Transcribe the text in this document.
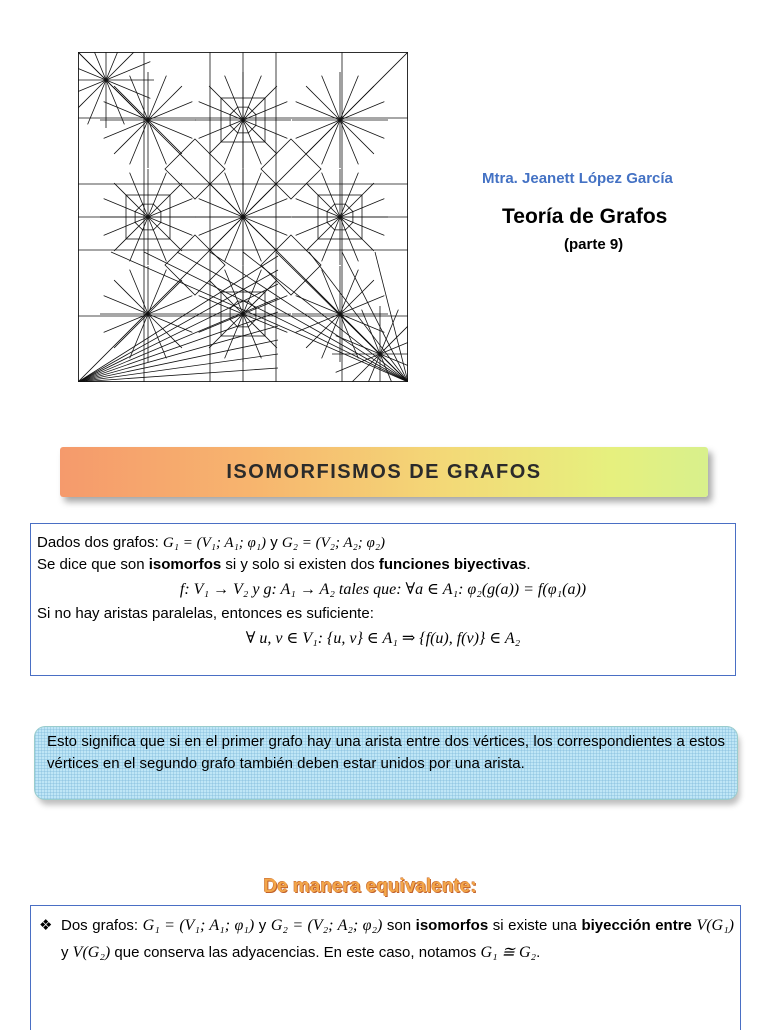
Mtra. Jeanett López García
Teoría de Grafos
(parte 9)
ISOMORFISMOS DE GRAFOS
Dados dos grafos: G₁ = (V₁; A₁; φ₁) y G₂ = (V₂; A₂; φ₂)
Se dice que son isomorfos si y solo si existen dos funciones biyectivas.
f: V₁ → V₂ y g: A₁ → A₂ tales que: ∀a ∈ A₁: φ₂(g(a)) = f(φ₁(a))
Si no hay aristas paralelas, entonces es suficiente:
∀ u, v ∈ V₁: {u, v} ∈ A₁ ⇒ {f(u), f(v)} ∈ A₂
Esto significa que si en el primer grafo hay una arista entre dos vértices, los correspondientes a estos vértices en el segundo grafo también deben estar unidos por una arista.
De manera equivalente:
❖ Dos grafos: G₁ = (V₁; A₁; φ₁) y G₂ = (V₂; A₂; φ₂) son isomorfos si existe una biyección entre V(G₁) y V(G₂) que conserva las adyacencias. En este caso, notamos G₁ ≅ G₂.
